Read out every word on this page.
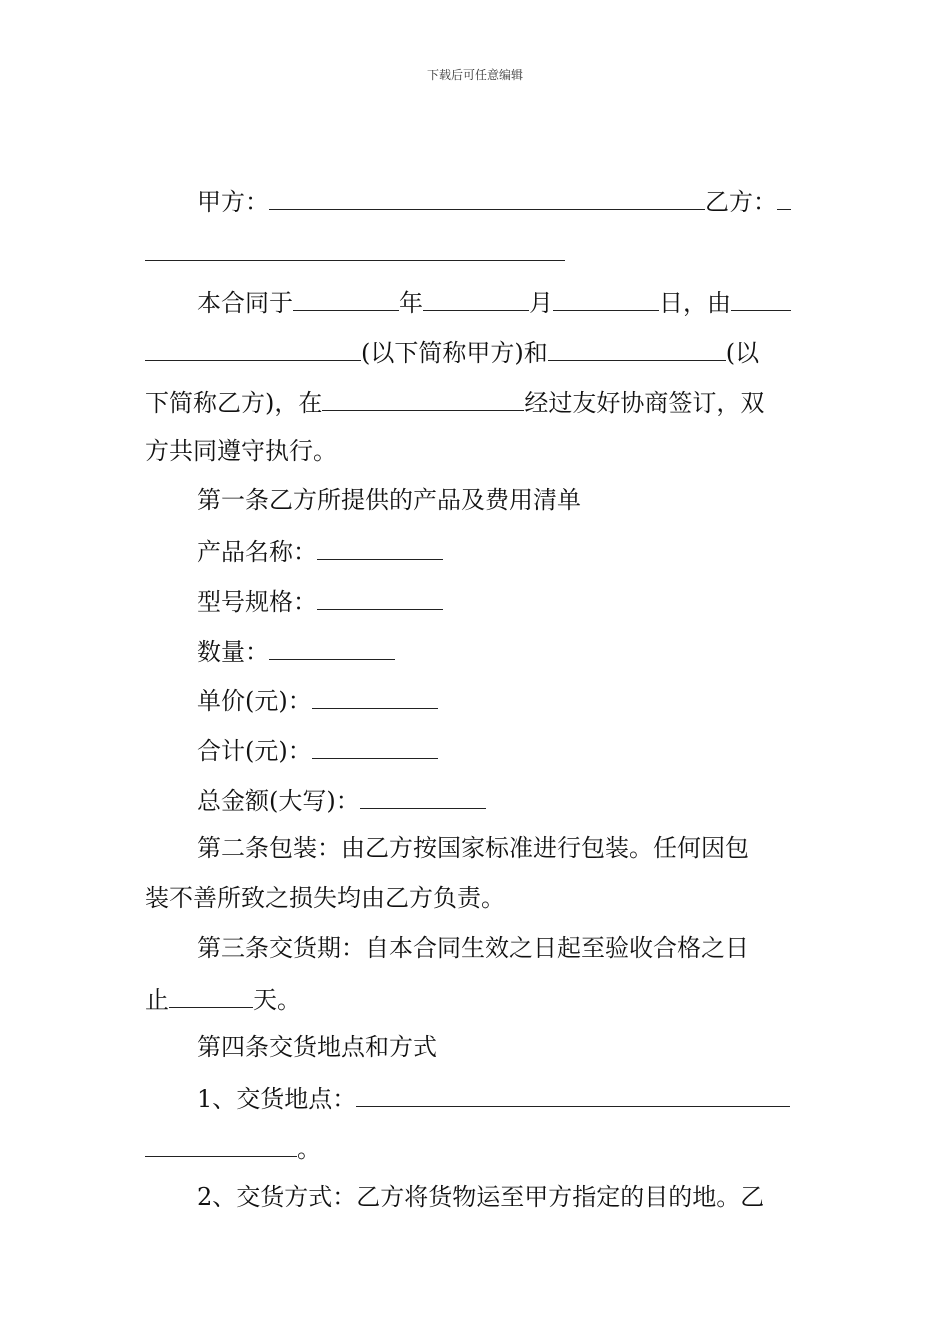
下载后可任意编辑
甲方：	乙方：
本合同于	年	月	日，由
(以下简称甲方)和	(以
下简称乙方)，在	经过友好协商签订，双
方共同遵守执行。
第一条乙方所提供的产品及费用清单
产品名称：
型号规格：
数量：
单价(元)：
合计(元)：
总金额(大写)：
第二条包装：由乙方按国家标准进行包装。任何因包
装不善所致之损失均由乙方负责。
第三条交货期：自本合同生效之日起至验收合格之日
止	天。
第四条交货地点和方式
1、交货地点：
。
2、交货方式：乙方将货物运至甲方指定的目的地。乙
